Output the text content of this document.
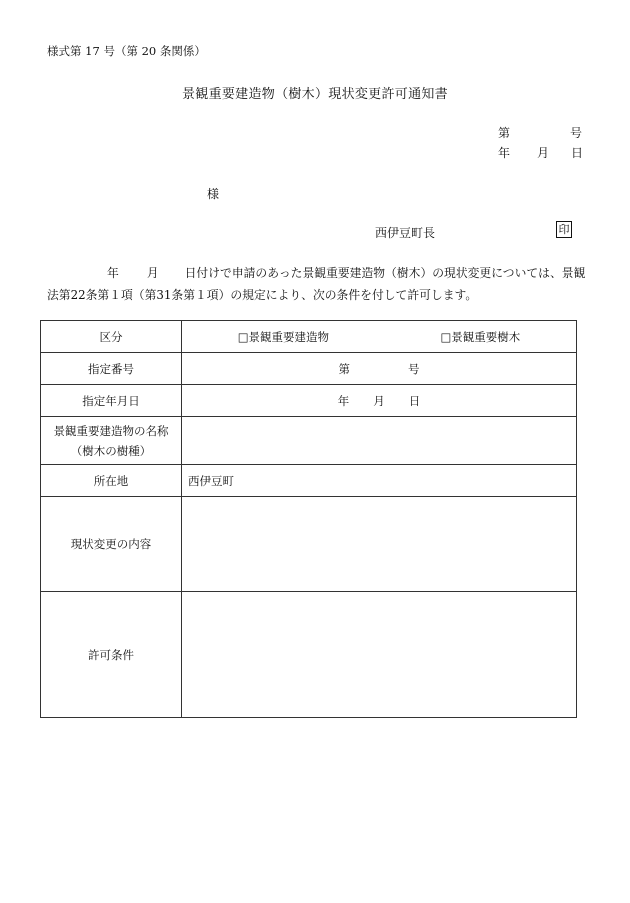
様式第 17 号（第 20 条関係）
景観重要建造物（樹木）現状変更許可通知書
第	号
年 月 日
様
西伊豆町長	印
年 月 日付けで申請のあった景観重要建造物（樹木）の現状変更については、景観法第22条第１項（第31条第１項）の規定により、次の条件を付して許可します。
区分	□景観重要建造物 □景観重要樹木

指定番号	第 号
指定年月日	年 月 日

景観重要建造物の名称
（樹木の樹種）	

所在地	西伊豆町
現状変更の内容	
許可条件	
